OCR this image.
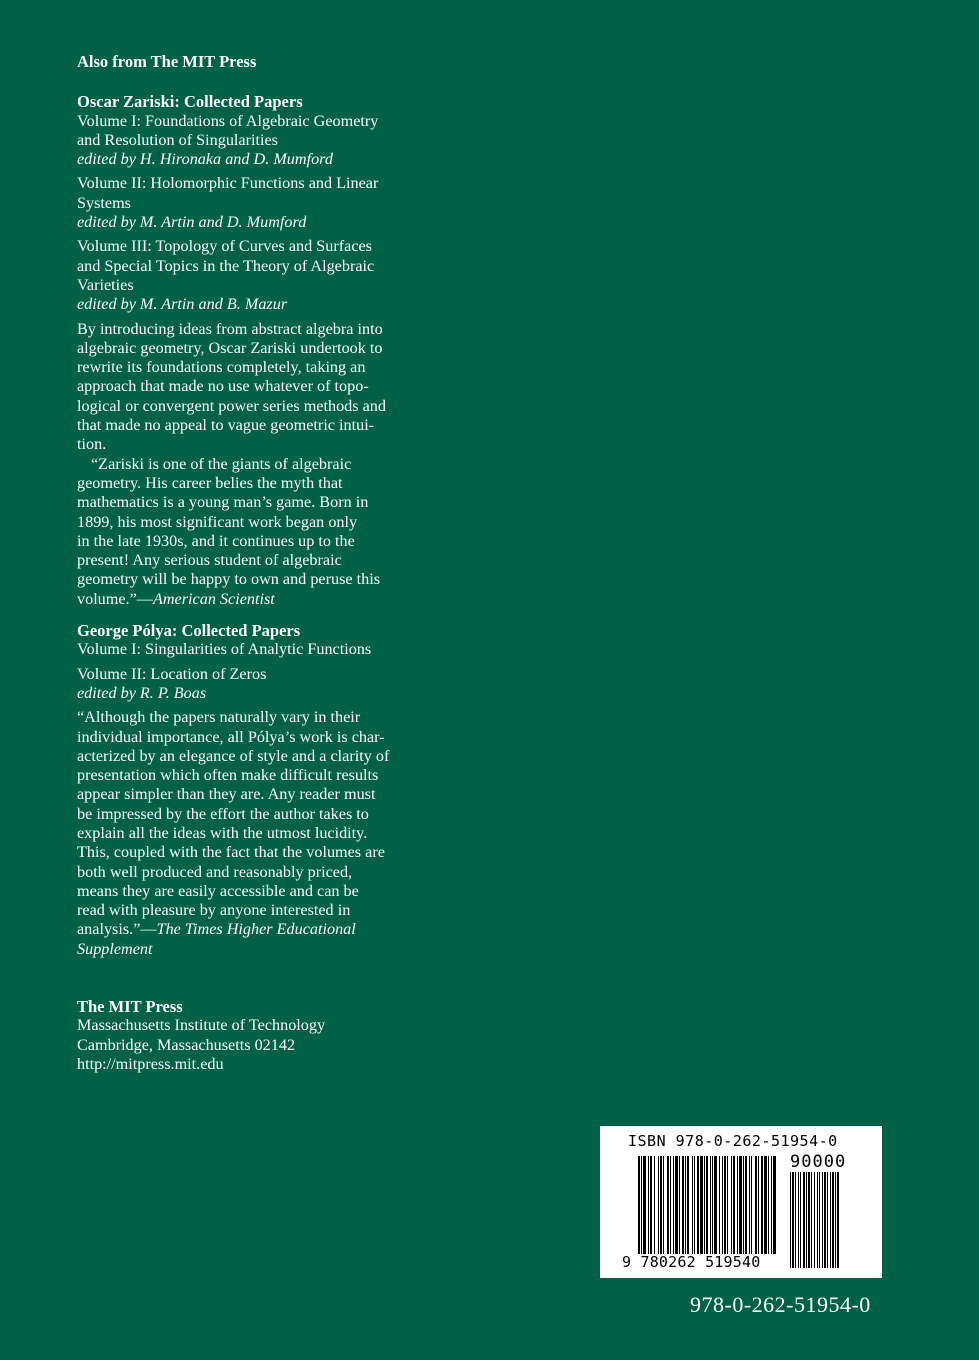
Also from The MIT Press
Oscar Zariski: Collected Papers
Volume I: Foundations of Algebraic Geometry
and Resolution of Singularities
edited by H. Hironaka and D. Mumford
Volume II: Holomorphic Functions and Linear
Systems
edited by M. Artin and D. Mumford
Volume III: Topology of Curves and Surfaces
and Special Topics in the Theory of Algebraic
Varieties
edited by M. Artin and B. Mazur
By introducing ideas from abstract algebra into
algebraic geometry, Oscar Zariski undertook to
rewrite its foundations completely, taking an
approach that made no use whatever of topo-
logical or convergent power series methods and
that made no appeal to vague geometric intui-
tion.
“Zariski is one of the giants of algebraic
geometry. His career belies the myth that
mathematics is a young man’s game. Born in
1899, his most significant work began only
in the late 1930s, and it continues up to the
present! Any serious student of algebraic
geometry will be happy to own and peruse this
volume.”—American Scientist
George Pólya: Collected Papers
Volume I: Singularities of Analytic Functions
Volume II: Location of Zeros
edited by R. P. Boas
“Although the papers naturally vary in their
individual importance, all Pólya’s work is char-
acterized by an elegance of style and a clarity of
presentation which often make difficult results
appear simpler than they are. Any reader must
be impressed by the effort the author takes to
explain all the ideas with the utmost lucidity.
This, coupled with the fact that the volumes are
both well produced and reasonably priced,
means they are easily accessible and can be
read with pleasure by anyone interested in
analysis.”—The Times Higher Educational
Supplement
The MIT Press
Massachusetts Institute of Technology
Cambridge, Massachusetts 02142
http://mitpress.mit.edu
ISBN 978-0-262-51954-0
90000
9 780262 519540
978-0-262-51954-0
